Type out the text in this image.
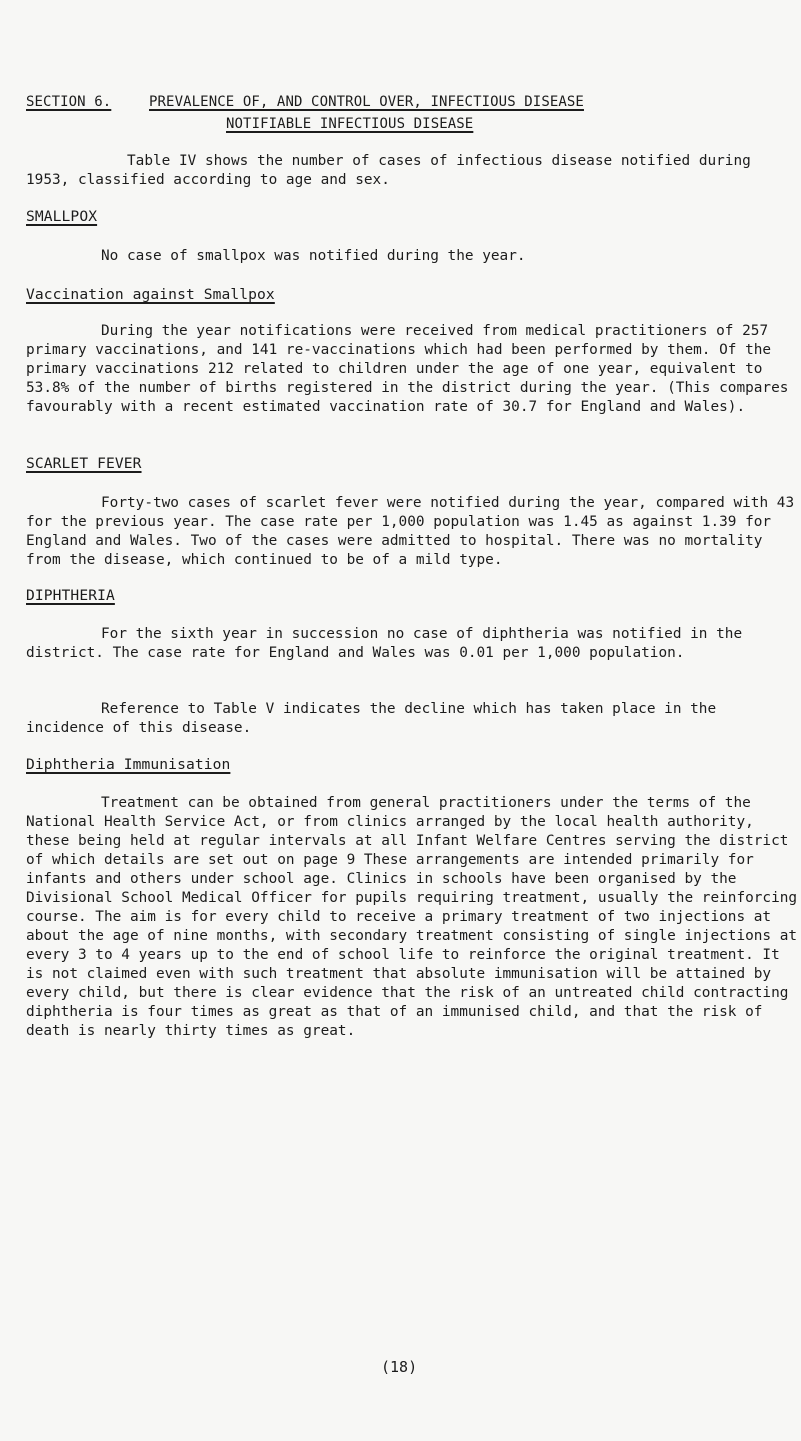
SECTION 6.	PREVALENCE OF, AND CONTROL OVER, INFECTIOUS DISEASE
NOTIFIABLE INFECTIOUS DISEASE
Table IV shows the number of cases of infectious disease notified during 1953, classified according to age and sex.
SMALLPOX
No case of smallpox was notified during the year.
Vaccination against Smallpox
During the year notifications were received from medical practitioners of 257 primary vaccinations, and 141 re-vaccinations which had been performed by them. Of the primary vaccinations 212 related to children under the age of one year, equivalent to 53.8% of the number of births registered in the district during the year. (This compares favourably with a recent estimated vaccination rate of 30.7 for England and Wales).
SCARLET FEVER
Forty-two cases of scarlet fever were notified during the year, compared with 43 for the previous year. The case rate per 1,000 population was 1.45 as against 1.39 for England and Wales. Two of the cases were admitted to hospital. There was no mortality from the disease, which continued to be of a mild type.
DIPHTHERIA
For the sixth year in succession no case of diphtheria was notified in the district. The case rate for England and Wales was 0.01 per 1,000 population.
Reference to Table V indicates the decline which has taken place in the incidence of this disease.
Diphtheria Immunisation
Treatment can be obtained from general practitioners under the terms of the National Health Service Act, or from clinics arranged by the local health authority, these being held at regular intervals at all Infant Welfare Centres serving the district of which details are set out on page 9 These arrangements are intended primarily for infants and others under school age. Clinics in schools have been organised by the Divisional School Medical Officer for pupils requiring treatment, usually the reinforcing course. The aim is for every child to receive a primary treatment of two injections at about the age of nine months, with secondary treatment consisting of single injections at every 3 to 4 years up to the end of school life to reinforce the original treatment. It is not claimed even with such treatment that absolute immunisation will be attained by every child, but there is clear evidence that the risk of an untreated child contracting diphtheria is four times as great as that of an immunised child, and that the risk of death is nearly thirty times as great.
(18)
